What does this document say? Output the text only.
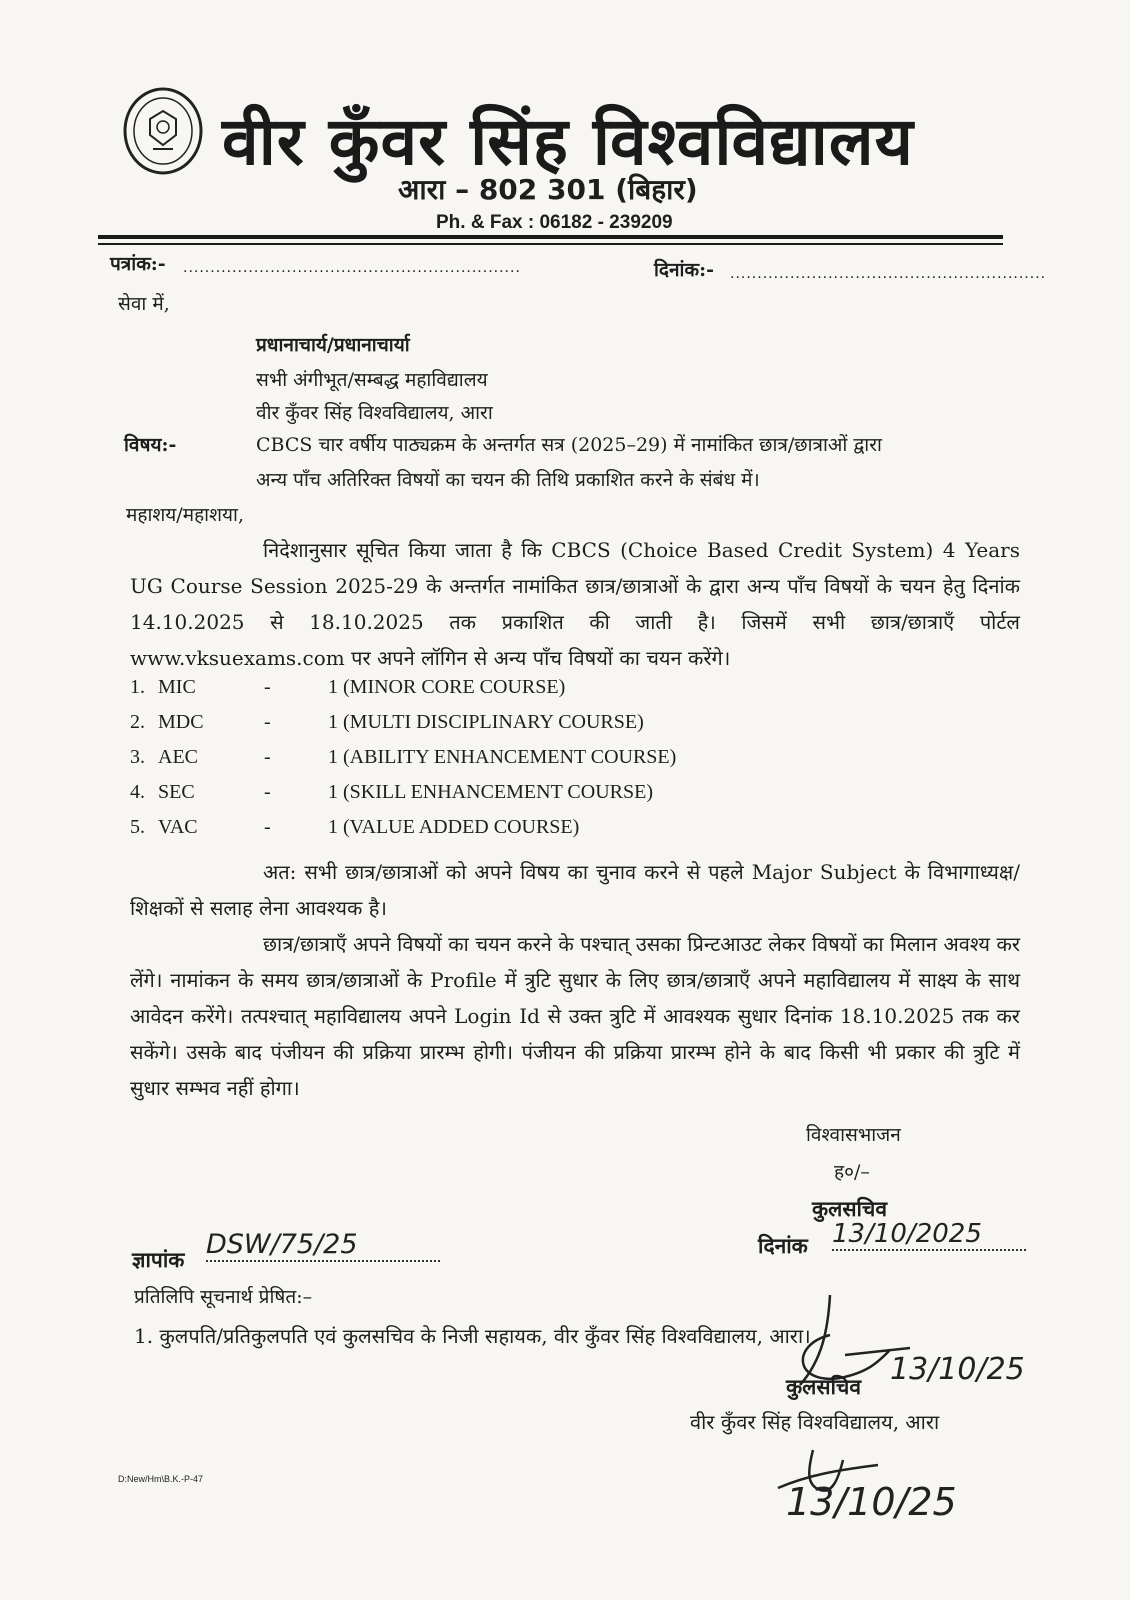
वीर कुँवर सिंह विश्वविद्यालय
आरा – 802 301 (बिहार)
Ph. & Fax : 06182 - 239209
पत्रांक:- ..............................................................	दिनांक:- ..........................................................
सेवा में,
प्रधानाचार्य/प्रधानाचार्या
सभी अंगीभूत/सम्बद्ध महाविद्यालय
वीर कुँवर सिंह विश्वविद्यालय, आरा
विषय:-	CBCS चार वर्षीय पाठ्यक्रम के अन्तर्गत सत्र (2025–29) में नामांकित छात्र/छात्राओं द्वारा
अन्य पाँच अतिरिक्त विषयों का चयन की तिथि प्रकाशित करने के संबंध में।
महाशय/महाशया,
निदेशानुसार सूचित किया जाता है कि CBCS (Choice Based Credit System) 4 Years UG Course Session 2025-29 के अन्तर्गत नामांकित छात्र/छात्राओं के द्वारा अन्य पाँच विषयों के चयन हेतु दिनांक 14.10.2025 से 18.10.2025 तक प्रकाशित की जाती है। जिसमें सभी छात्र/छात्राएँ पोर्टल www.vksuexams.com पर अपने लॉगिन से अन्य पाँच विषयों का चयन करेंगे।
1. MIC	-	1 (MINOR CORE COURSE)
2. MDC	-	1 (MULTI DISCIPLINARY COURSE)
3. AEC	-	1 (ABILITY ENHANCEMENT COURSE)
4. SEC	-	1 (SKILL ENHANCEMENT COURSE)
5. VAC	-	1 (VALUE ADDED COURSE)
अत: सभी छात्र/छात्राओं को अपने विषय का चुनाव करने से पहले Major Subject के विभागाध्यक्ष/शिक्षकों से सलाह लेना आवश्यक है।
छात्र/छात्राएँ अपने विषयों का चयन करने के पश्चात् उसका प्रिन्टआउट लेकर विषयों का मिलान अवश्य कर लेंगे। नामांकन के समय छात्र/छात्राओं के Profile में त्रुटि सुधार के लिए छात्र/छात्राएँ अपने महाविद्यालय में साक्ष्य के साथ आवेदन करेंगे। तत्पश्चात् महाविद्यालय अपने Login Id से उक्त त्रुटि में आवश्यक सुधार दिनांक 18.10.2025 तक कर सकेंगे। उसके बाद पंजीयन की प्रक्रिया प्रारम्भ होगी। पंजीयन की प्रक्रिया प्रारम्भ होने के बाद किसी भी प्रकार की त्रुटि में सुधार सम्भव नहीं होगा।
विश्वासभाजन
ह०/–
कुलसचिव
ज्ञापांक DSW/75/25	दिनांक 13/10/2025
प्रतिलिपि सूचनार्थ प्रेषित:–
1. कुलपति/प्रतिकुलपति एवं कुलसचिव के निजी सहायक, वीर कुँवर सिंह विश्वविद्यालय, आरा।
कुलसचिव 13/10/25
वीर कुँवर सिंह विश्वविद्यालय, आरा
13/10/25
D:New/Hm\B.K.-P-47
